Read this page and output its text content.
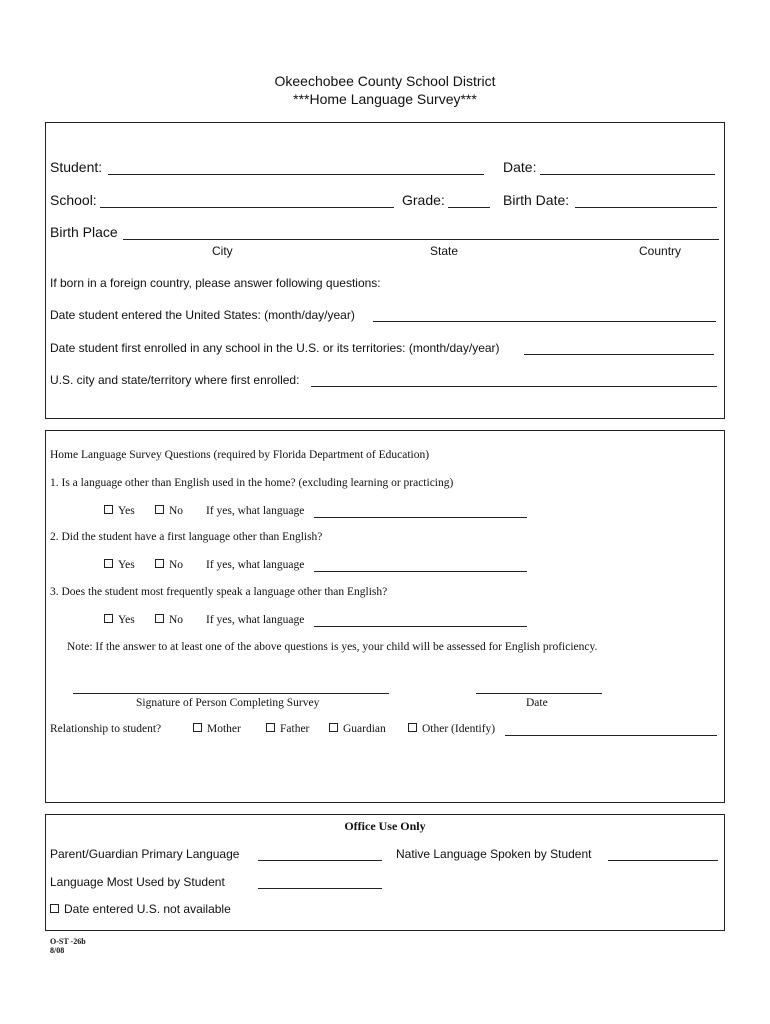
Okeechobee County School District
***Home Language Survey***
Student:	Date:
School:	Grade:	Birth Date:
Birth Place
City	State	Country
If born in a foreign country, please answer following questions:
Date student entered the United States: (month/day/year)
Date student first enrolled in any school in the U.S. or its territories: (month/day/year)
U.S. city and state/territory where first enrolled:
Home Language Survey Questions (required by Florida Department of Education)
1. Is a language other than English used in the home? (excluding learning or practicing)
Yes	No If yes, what language
2. Did the student have a first language other than English?
Yes	No If yes, what language
3. Does the student most frequently speak a language other than English?
Yes	No If yes, what language
Note: If the answer to at least one of the above questions is yes, your child will be assessed for English proficiency.
Signature of Person Completing Survey	Date
Relationship to student?	Mother	Father	Guardian	Other (Identify)
Office Use Only
Parent/Guardian Primary Language	Native Language Spoken by Student
Language Most Used by Student
Date entered U.S. not available
O-ST -26b
8/08
